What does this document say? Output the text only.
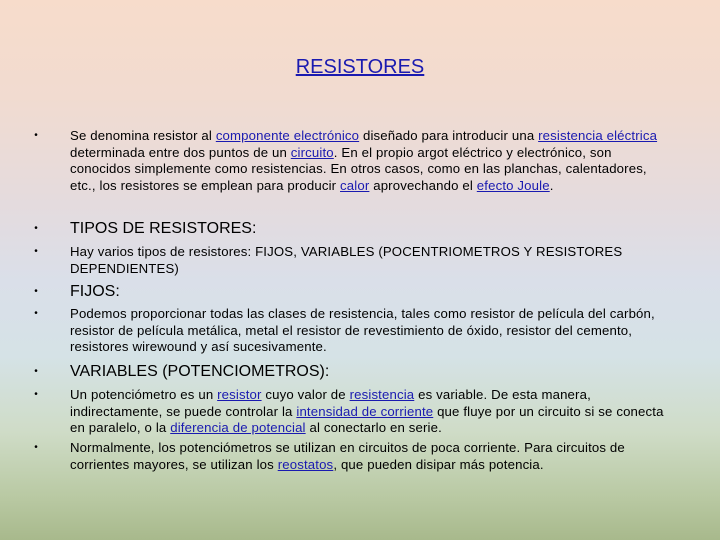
RESISTORES
•	Se denomina resistor al componente electrónico diseñado para introducir una resistencia eléctrica determinada entre dos puntos de un circuito. En el propio argot eléctrico y electrónico, son conocidos simplemente como resistencias. En otros casos, como en las planchas, calentadores, etc., los resistores se emplean para producir calor aprovechando el efecto Joule.
• TIPOS DE RESISTORES:
•	Hay varios tipos de resistores: FIJOS, VARIABLES (POCENTRIOMETROS Y RESISTORES DEPENDIENTES)
• FIJOS:
•	Podemos proporcionar todas las clases de resistencia, tales como resistor de película del carbón, resistor de película metálica, metal el resistor de revestimiento de óxido, resistor del cemento, resistores wirewound y así sucesivamente.
• VARIABLES (POTENCIOMETROS):
•	Un potenciómetro es un resistor cuyo valor de resistencia es variable. De esta manera, indirectamente, se puede controlar la intensidad de corriente que fluye por un circuito si se conecta en paralelo, o la diferencia de potencial al conectarlo en serie.
•	Normalmente, los potenciómetros se utilizan en circuitos de poca corriente. Para circuitos de corrientes mayores, se utilizan los reostatos, que pueden disipar más potencia.
